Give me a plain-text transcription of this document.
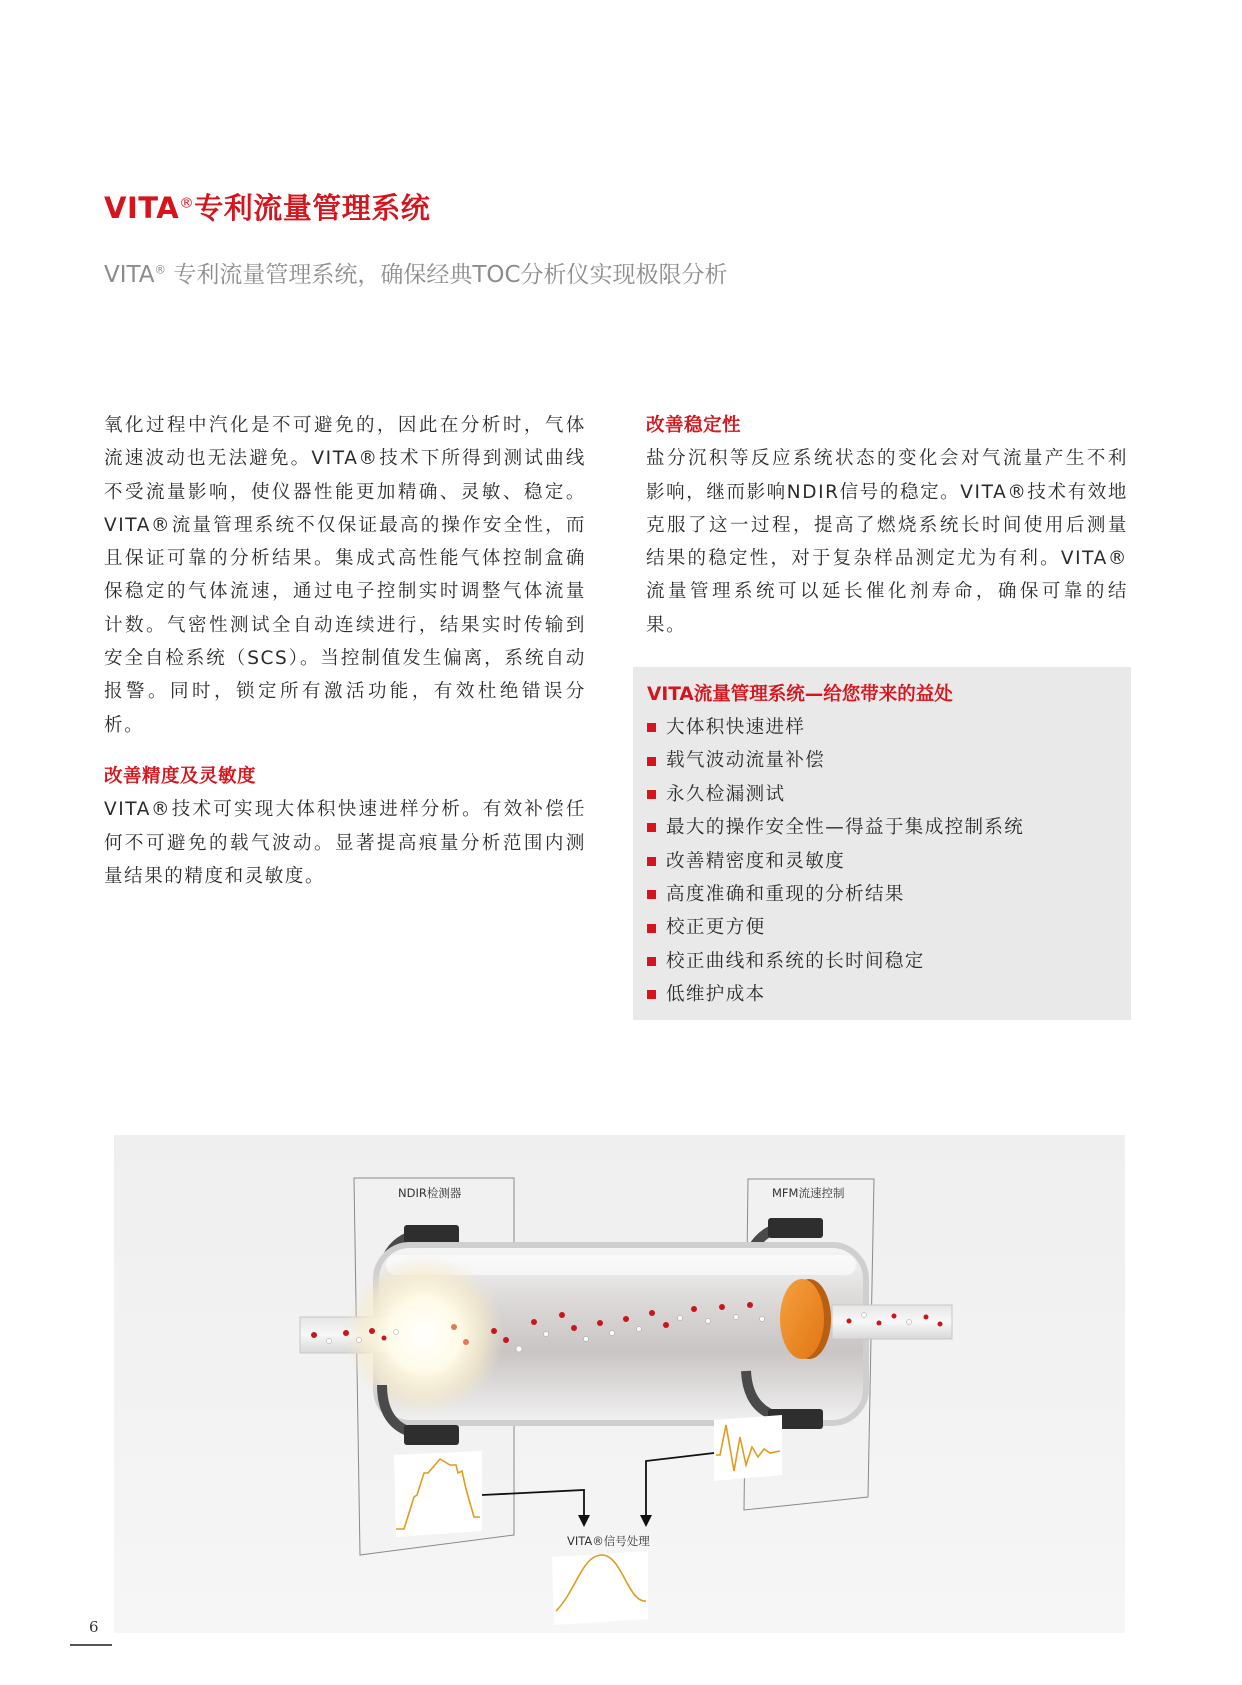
VITA®专利流量管理系统
VITA® 专利流量管理系统，确保经典TOC分析仪实现极限分析
氧化过程中汽化是不可避免的，因此在分析时，气体流速波动也无法避免。VITA®技术下所得到测试曲线不受流量影响，使仪器性能更加精确、灵敏、稳定。VITA®流量管理系统不仅保证最高的操作安全性，而且保证可靠的分析结果。集成式高性能气体控制盒确保稳定的气体流速，通过电子控制实时调整气体流量计数。气密性测试全自动连续进行，结果实时传输到安全自检系统（SCS）。当控制值发生偏离，系统自动报警。同时，锁定所有激活功能，有效杜绝错误分析。
改善精度及灵敏度
VITA®技术可实现大体积快速进样分析。有效补偿任何不可避免的载气波动。显著提高痕量分析范围内测量结果的精度和灵敏度。
改善稳定性
盐分沉积等反应系统状态的变化会对气流量产生不利影响，继而影响NDIR信号的稳定。VITA®技术有效地克服了这一过程，提高了燃烧系统长时间使用后测量结果的稳定性，对于复杂样品测定尤为有利。VITA®流量管理系统可以延长催化剂寿命，确保可靠的结果。
VITA流量管理系统—给您带来的益处
大体积快速进样
载气波动流量补偿
永久检漏测试
最大的操作安全性—得益于集成控制系统
改善精密度和灵敏度
高度准确和重现的分析结果
校正更方便
校正曲线和系统的长时间稳定
低维护成本
NDIR检测器	MFM流速控制
VITA®信号处理
6
